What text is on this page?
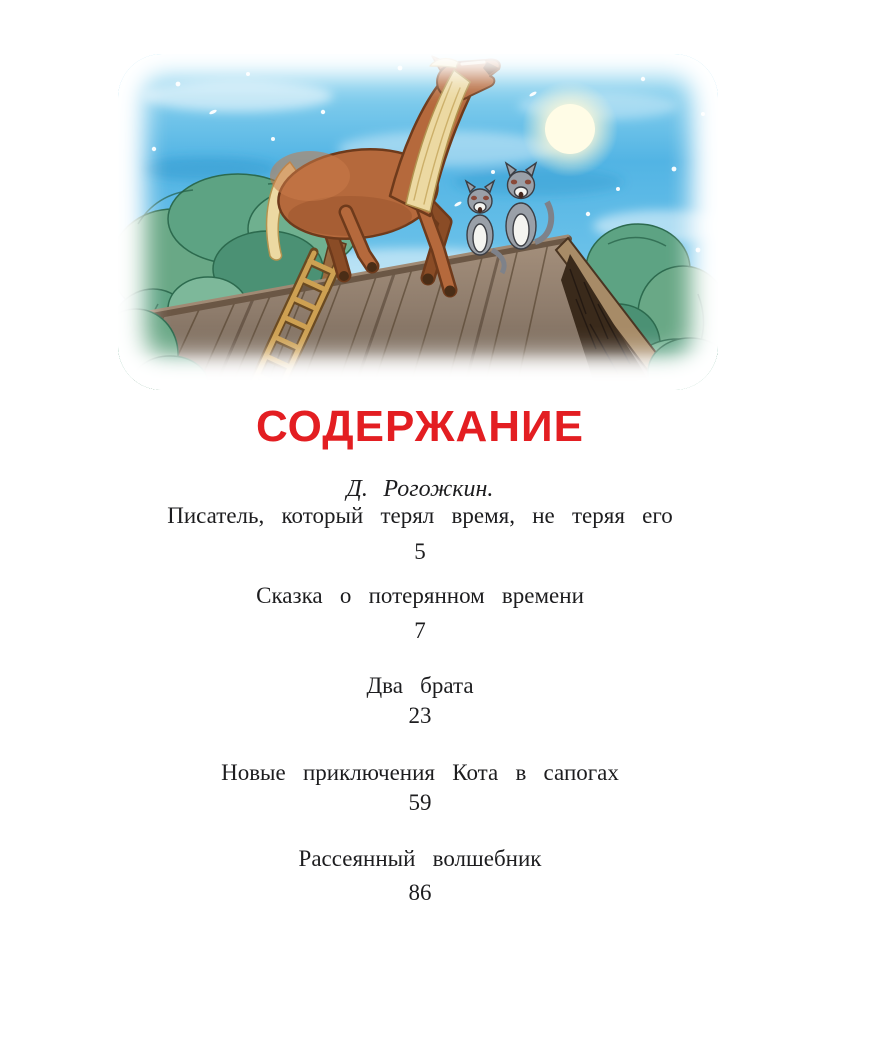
СОДЕРЖАНИЕ
Д. Рогожкин.
Писатель, который терял время, не теряя его
5
Сказка о потерянном времени
7
Два брата
23
Новые приключения Кота в сапогах
59
Рассеянный волшебник
86
